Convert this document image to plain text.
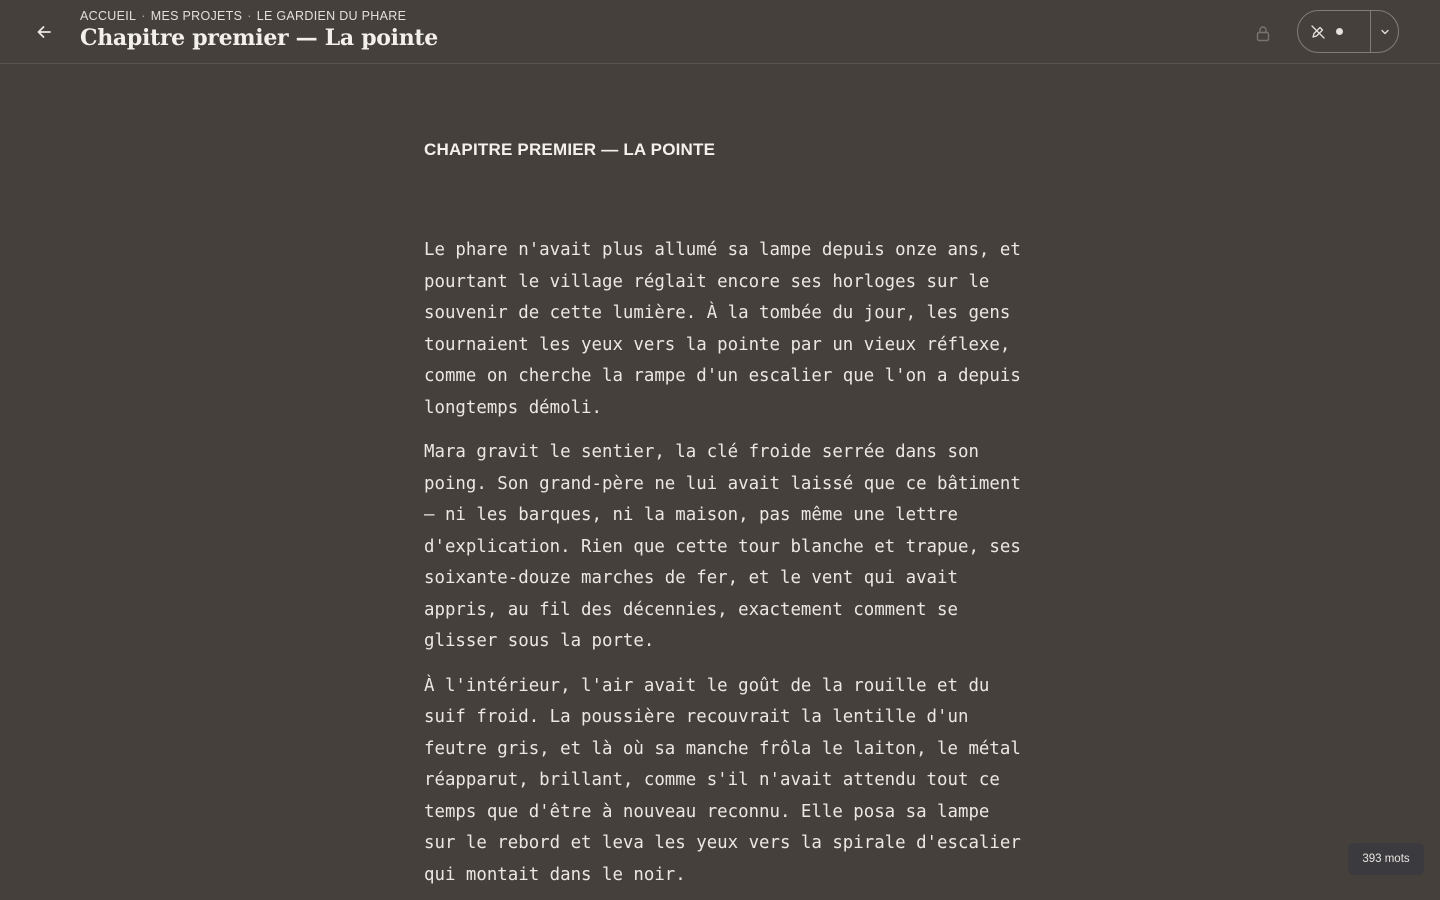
ACCUEIL · MES PROJETS · LE GARDIEN DU PHARE
Chapitre premier — La pointe
CHAPITRE PREMIER — LA POINTE

Le phare n'avait plus allumé sa lampe depuis onze ans, et pourtant le village réglait encore ses horloges sur le souvenir de cette lumière. À la tombée du jour, les gens tournaient les yeux vers la pointe par un vieux réflexe, comme on cherche la rampe d'un escalier que l'on a depuis longtemps démoli.

Mara gravit le sentier, la clé froide serrée dans son poing. Son grand-père ne lui avait laissé que ce bâtiment — ni les barques, ni la maison, pas même une lettre d'explication. Rien que cette tour blanche et trapue, ses soixante-douze marches de fer, et le vent qui avait appris, au fil des décennies, exactement comment se glisser sous la porte.

À l'intérieur, l'air avait le goût de la rouille et du suif froid. La poussière recouvrait la lentille d'un feutre gris, et là où sa manche frôla le laiton, le métal réapparut, brillant, comme s'il n'avait attendu tout ce temps que d'être à nouveau reconnu. Elle posa sa lampe sur le rebord et leva les yeux vers la spirale d'escalier qui montait dans le noir.

393 mots
